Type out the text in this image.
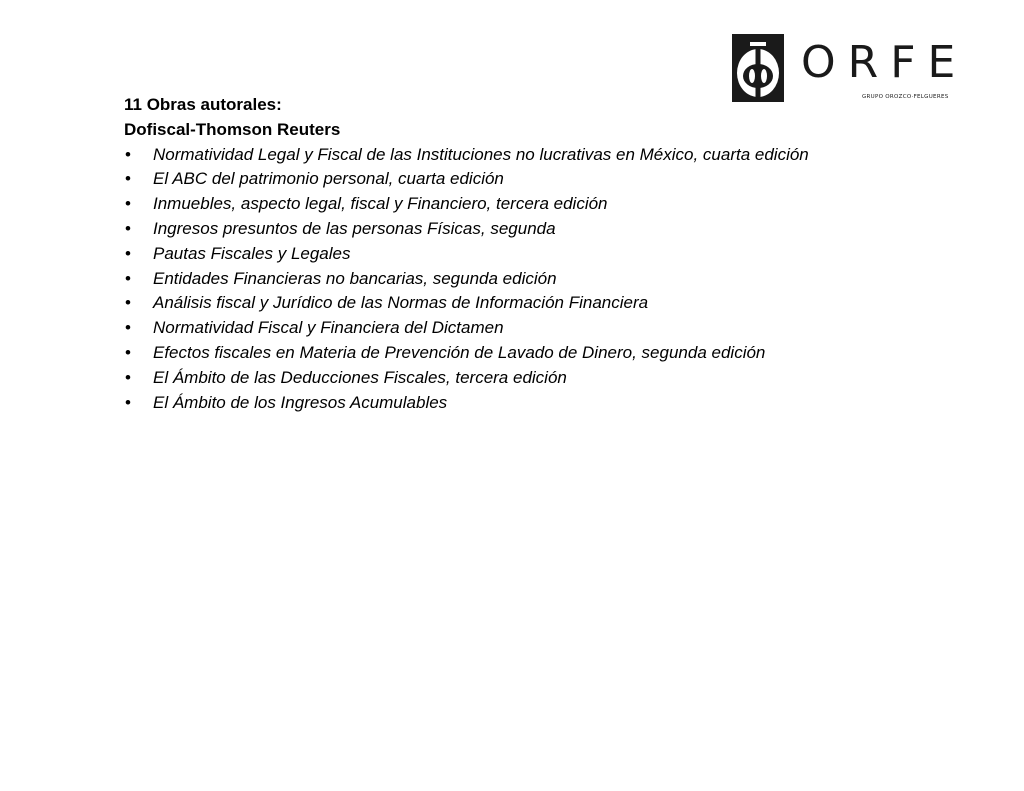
ORFE
GRUPO OROZCO·FELGUERES

11 Obras autorales:

Dofiscal-Thomson Reuters

• Normatividad Legal y Fiscal de las Instituciones no lucrativas en México, cuarta edición
• El ABC del patrimonio personal, cuarta edición
• Inmuebles, aspecto legal, fiscal y Financiero, tercera edición
• Ingresos presuntos de las personas Físicas, segunda
• Pautas Fiscales y Legales
• Entidades Financieras no bancarias, segunda edición
• Análisis fiscal y Jurídico de las Normas de Información Financiera
• Normatividad Fiscal y Financiera del Dictamen
• Efectos fiscales en Materia de Prevención de Lavado de Dinero, segunda edición
• El Ámbito de las Deducciones Fiscales, tercera edición
• El Ámbito de los Ingresos Acumulables
